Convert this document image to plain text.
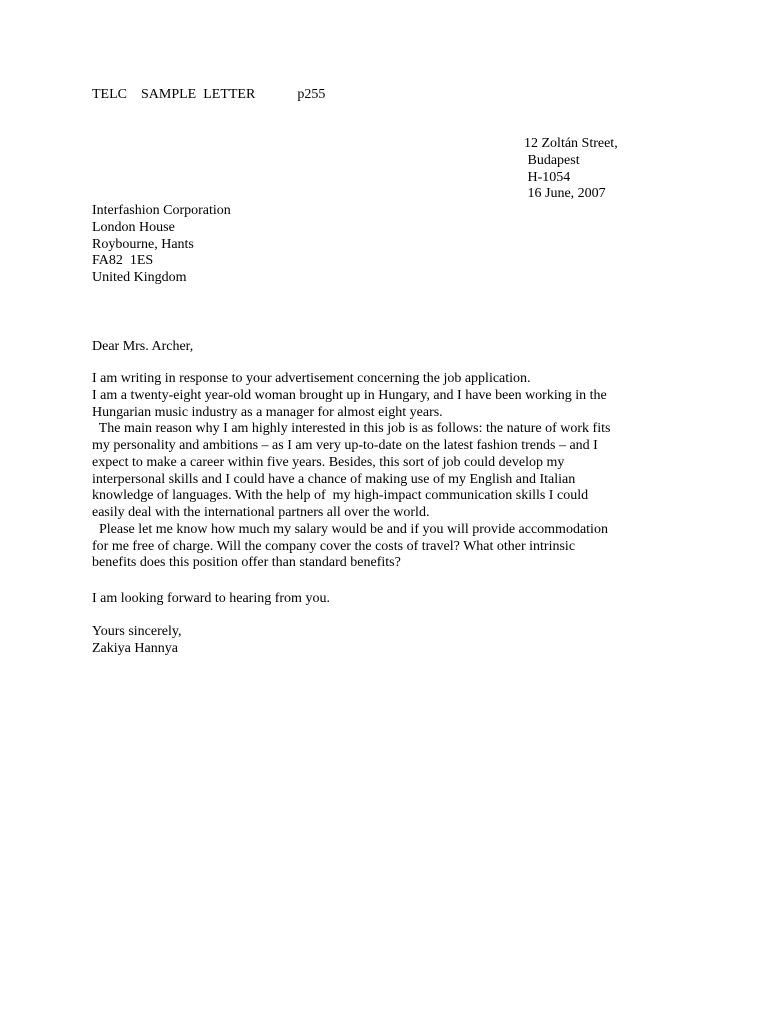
TELC    SAMPLE  LETTER            p255

12 Zoltán Street,
Budapest
H-1054
16 June, 2007
Interfashion Corporation
London House
Roybourne, Hants
FA82  1ES
United Kingdom

Dear Mrs. Archer,

I am writing in response to your advertisement concerning the job application.
I am a twenty-eight year-old woman brought up in Hungary, and I have been working in the
Hungarian music industry as a manager for almost eight years.
The main reason why I am highly interested in this job is as follows: the nature of work fits
my personality and ambitions – as I am very up-to-date on the latest fashion trends – and I
expect to make a career within five years. Besides, this sort of job could develop my
interpersonal skills and I could have a chance of making use of my English and Italian
knowledge of languages. With the help of  my high-impact communication skills I could
easily deal with the international partners all over the world.
Please let me know how much my salary would be and if you will provide accommodation
for me free of charge. Will the company cover the costs of travel? What other intrinsic
benefits does this position offer than standard benefits?

I am looking forward to hearing from you.

Yours sincerely,

Zakiya Hannya
